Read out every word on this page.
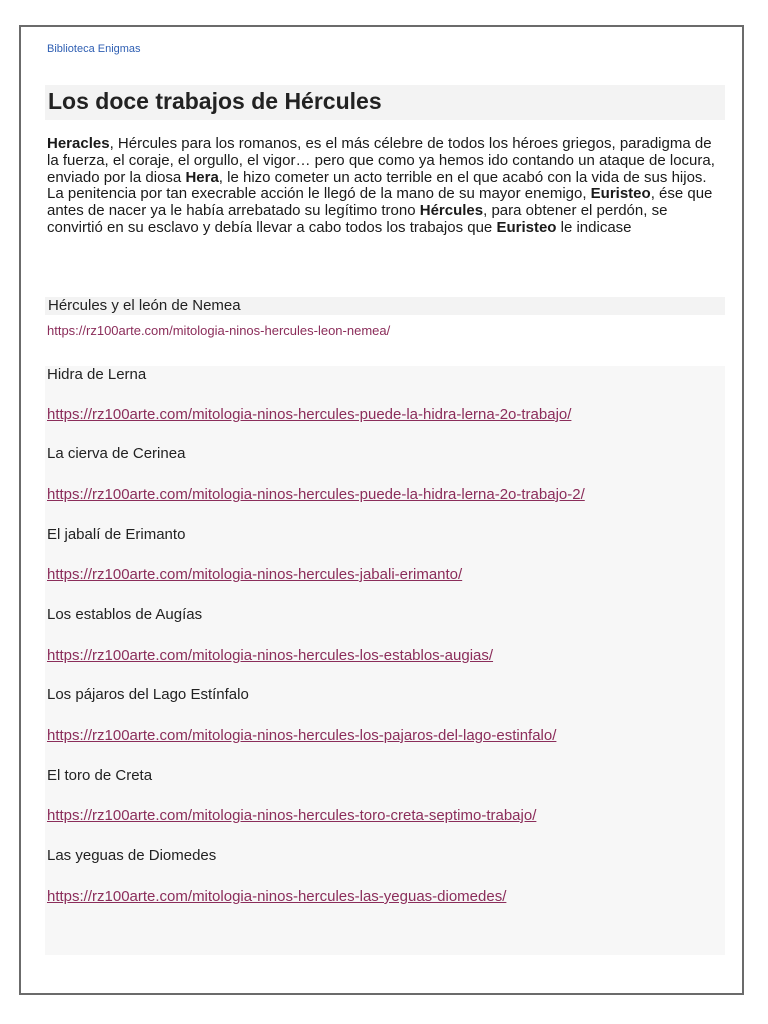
Biblioteca Enigmas
Los doce trabajos de Hércules

Heracles, Hércules para los romanos, es el más célebre de todos los héroes griegos, paradigma de la fuerza, el coraje, el orgullo, el vigor… pero que como ya hemos ido contando un ataque de locura, enviado por la diosa Hera, le hizo cometer un acto terrible en el que acabó con la vida de sus hijos. La penitencia por tan execrable acción le llegó de la mano de su mayor enemigo, Euristeo, ése que antes de nacer ya le había arrebatado su legítimo trono Hércules, para obtener el perdón, se convirtió en su esclavo y debía llevar a cabo todos los trabajos que Euristeo le indicase

Hércules y el león de Nemea
https://rz100arte.com/mitologia-ninos-hercules-leon-nemea/
Hidra de Lerna
https://rz100arte.com/mitologia-ninos-hercules-puede-la-hidra-lerna-2o-trabajo/
La cierva de Cerinea
https://rz100arte.com/mitologia-ninos-hercules-puede-la-hidra-lerna-2o-trabajo-2/
El jabalí de Erimanto
https://rz100arte.com/mitologia-ninos-hercules-jabali-erimanto/
Los establos de Augías
https://rz100arte.com/mitologia-ninos-hercules-los-establos-augias/
Los pájaros del Lago Estínfalo
https://rz100arte.com/mitologia-ninos-hercules-los-pajaros-del-lago-estinfalo/
El toro de Creta
https://rz100arte.com/mitologia-ninos-hercules-toro-creta-septimo-trabajo/
Las yeguas de Diomedes
https://rz100arte.com/mitologia-ninos-hercules-las-yeguas-diomedes/
